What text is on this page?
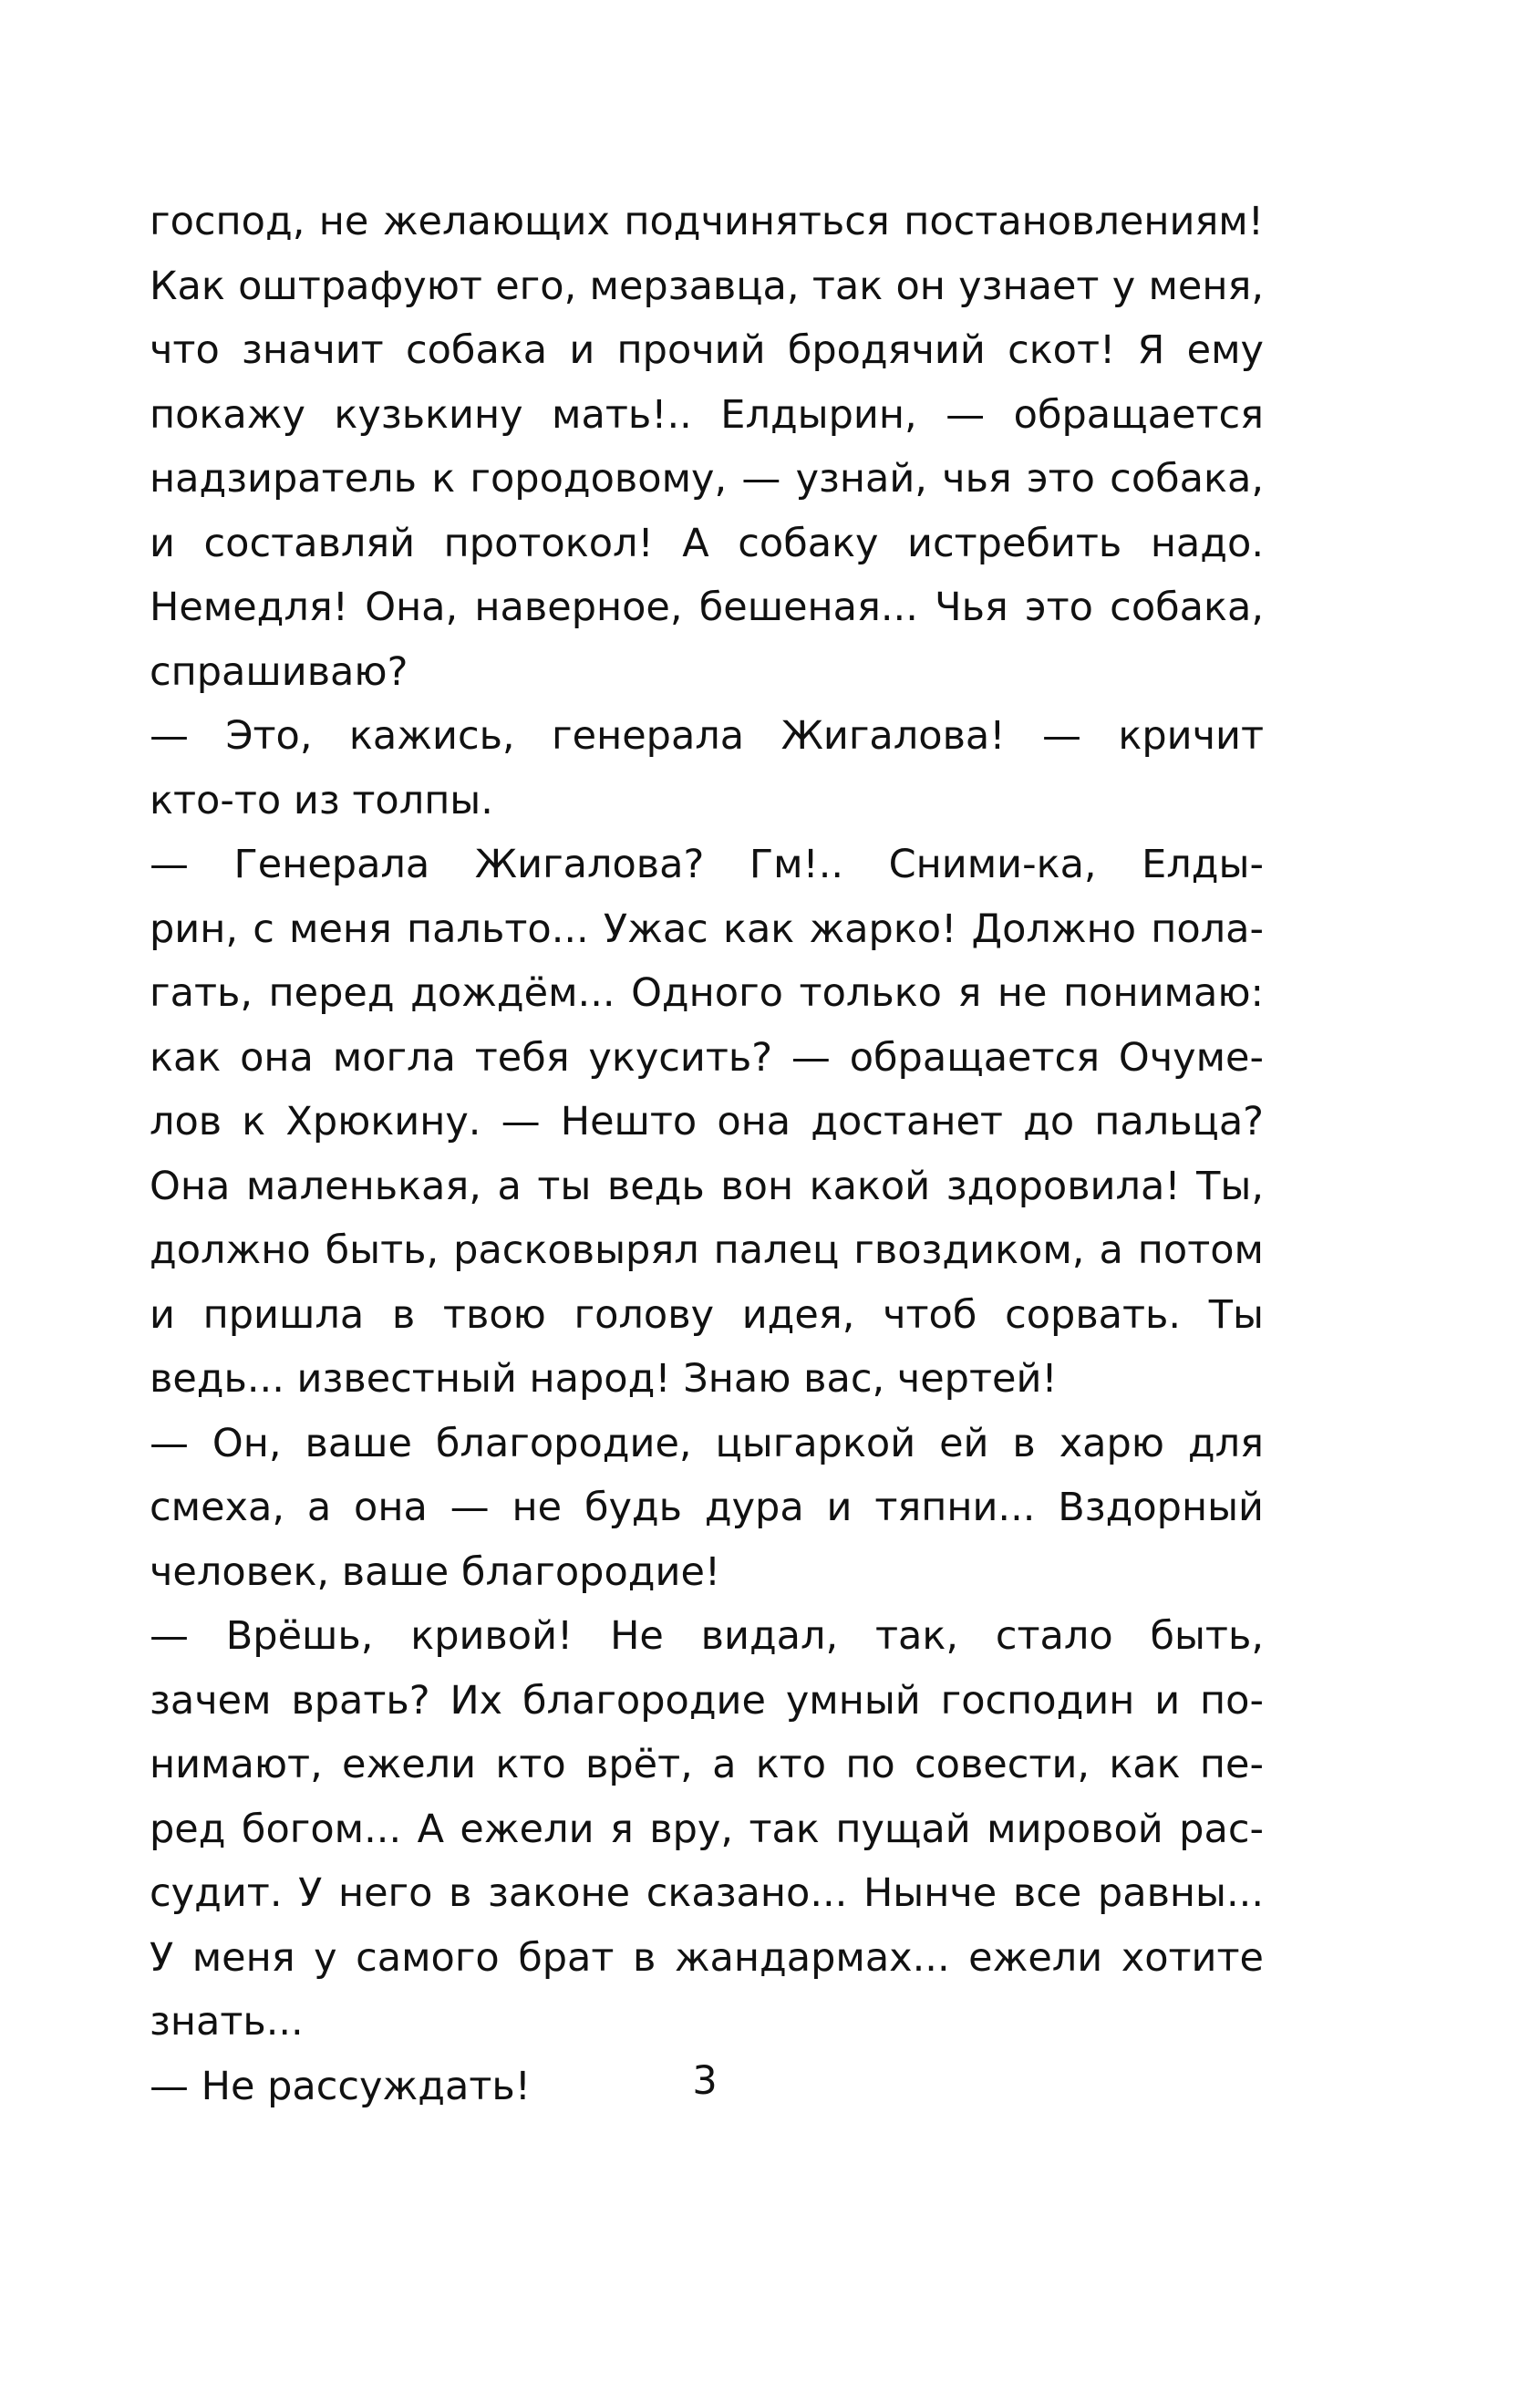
господ, не желающих подчиняться постановлениям!
Как оштрафуют его, мерзавца, так он узнает у меня,
что значит собака и прочий бродячий скот! Я ему
покажу кузькину мать!.. Елдырин, — обращается
надзиратель к городовому, — узнай, чья это собака,
и составляй протокол! А собаку истребить надо.
Немедля! Она, наверное, бешеная... Чья это собака,
спрашиваю?
— Это, кажись, генерала Жигалова! — кричит
кто-то из толпы.
— Генерала Жигалова? Гм!.. Сними-ка, Елды-
рин, с меня пальто... Ужас как жарко! Должно пола-
гать, перед дождём... Одного только я не понимаю:
как она могла тебя укусить? — обращается Очуме-
лов к Хрюкину. — Нешто она достанет до пальца?
Она маленькая, а ты ведь вон какой здоровила! Ты,
должно быть, расковырял палец гвоздиком, а потом
и пришла в твою голову идея, чтоб сорвать. Ты
ведь... известный народ! Знаю вас, чертей!
— Он, ваше благородие, цыгаркой ей в харю для
смеха, а она — не будь дура и тяпни... Вздорный
человек, ваше благородие!
— Врёшь, кривой! Не видал, так, стало быть,
зачем врать? Их благородие умный господин и по-
нимают, ежели кто врёт, а кто по совести, как пе-
ред богом... А ежели я вру, так пущай мировой рас-
судит. У него в законе сказано... Нынче все равны...
У меня у самого брат в жандармах... ежели хотите
знать...
— Не рассуждать!	3
